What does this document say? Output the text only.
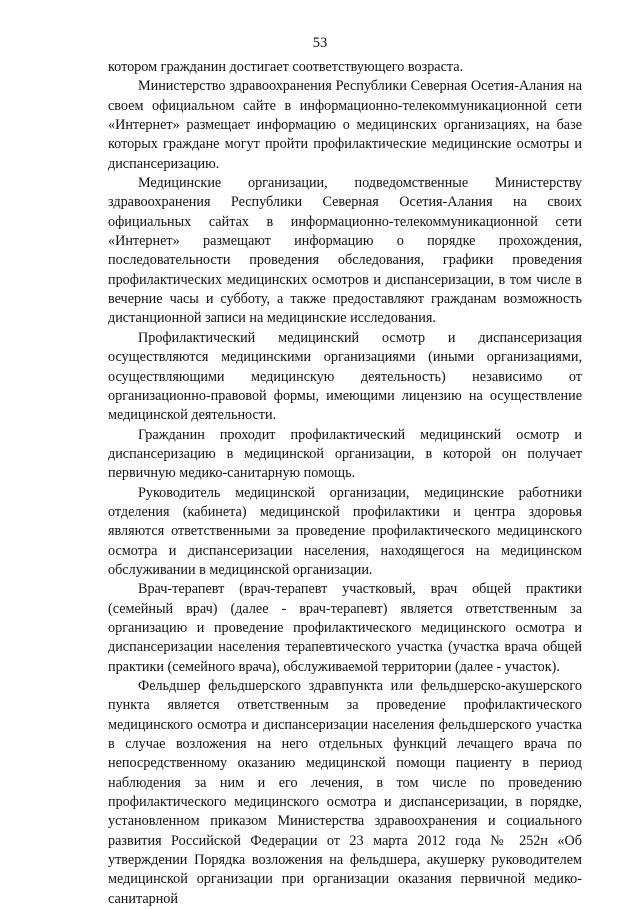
53

котором гражданин достигает соответствующего возраста.

Министерство здравоохранения Республики Северная Осетия-Алания на своем официальном сайте в информационно-телекоммуникационной сети «Интернет» размещает информацию о медицинских организациях, на базе которых граждане могут пройти профилактические медицинские осмотры и диспансеризацию.

Медицинские организации, подведомственные Министерству здравоохранения Республики Северная Осетия-Алания на своих официальных сайтах в информационно-телекоммуникационной сети «Интернет» размещают информацию о порядке прохождения, последовательности проведения обследования, графики проведения профилактических медицинских осмотров и диспансеризации, в том числе в вечерние часы и субботу, а также предоставляют гражданам возможность дистанционной записи на медицинские исследования.

Профилактический медицинский осмотр и диспансеризация осуществляются медицинскими организациями (иными организациями, осуществляющими медицинскую деятельность) независимо от организационно-правовой формы, имеющими лицензию на осуществление медицинской деятельности.

Гражданин проходит профилактический медицинский осмотр и диспансеризацию в медицинской организации, в которой он получает первичную медико-санитарную помощь.

Руководитель медицинской организации, медицинские работники отделения (кабинета) медицинской профилактики и центра здоровья являются ответственными за проведение профилактического медицинского осмотра и диспансеризации населения, находящегося на медицинском обслуживании в медицинской организации.

Врач-терапевт (врач-терапевт участковый, врач общей практики (семейный врач) (далее - врач-терапевт) является ответственным за организацию и проведение профилактического медицинского осмотра и диспансеризации населения терапевтического участка (участка врача общей практики (семейного врача), обслуживаемой территории (далее - участок).

Фельдшер фельдшерского здравпункта или фельдшерско-акушерского пункта является ответственным за проведение профилактического медицинского осмотра и диспансеризации населения фельдшерского участка в случае возложения на него отдельных функций лечащего врача по непосредственному оказанию медицинской помощи пациенту в период наблюдения за ним и его лечения, в том числе по проведению профилактического медицинского осмотра и диспансеризации, в порядке, установленном приказом Министерства здравоохранения и социального развития Российской Федерации от 23 марта 2012 года № 252н «Об утверждении Порядка возложения на фельдшера, акушерку руководителем медицинской организации при организации оказания первичной медико-санитарной
